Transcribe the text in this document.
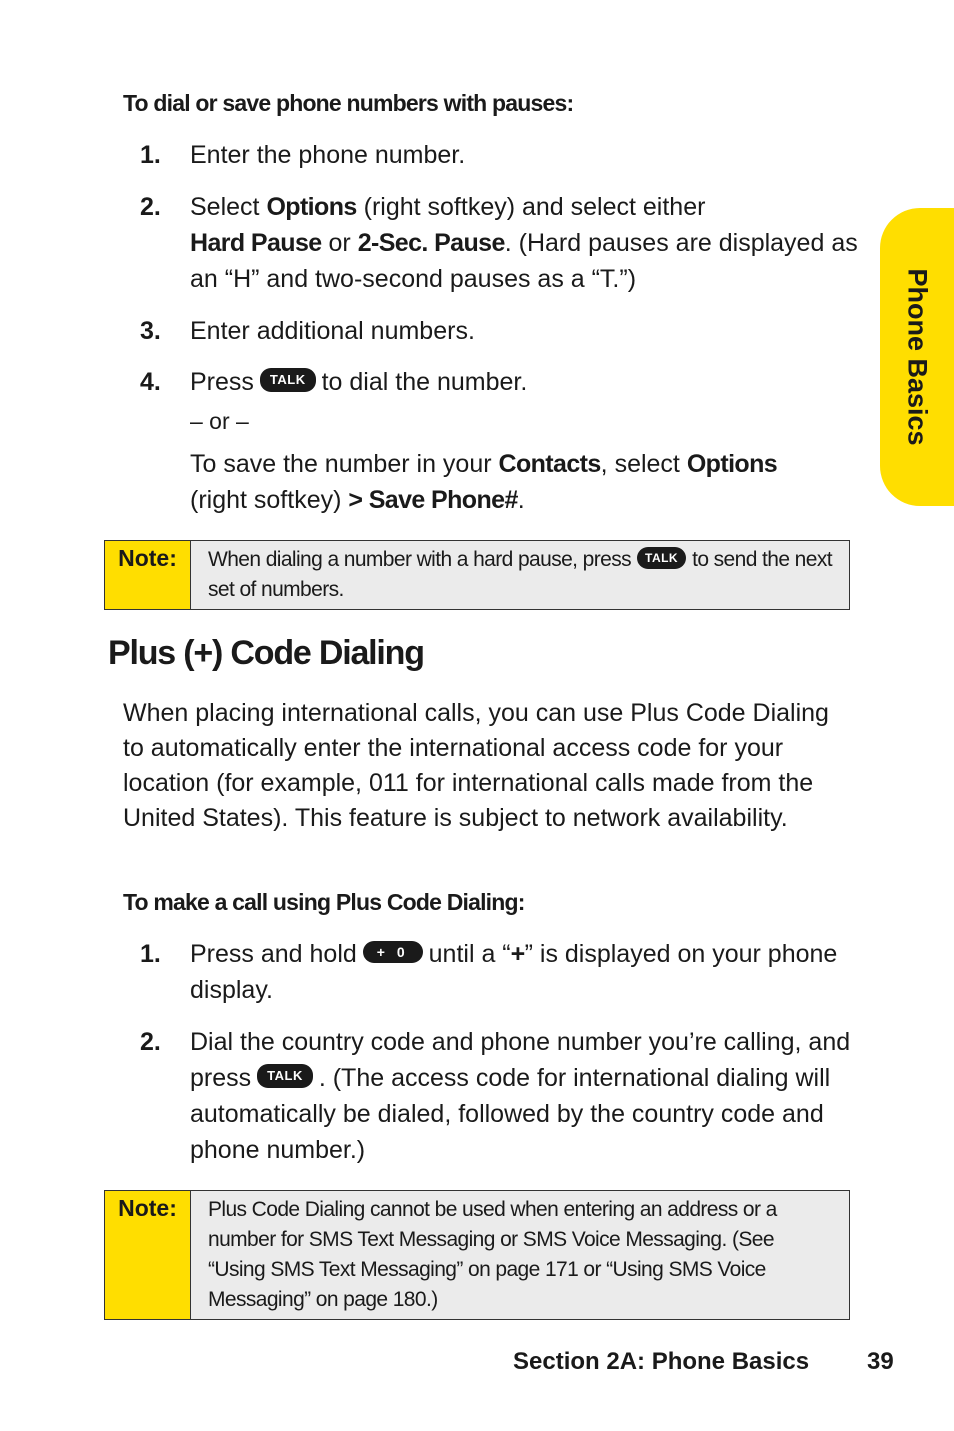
Phone Basics
To dial or save phone numbers with pauses:
1.	Enter the phone number.
2.	Select Options (right softkey) and select either
Hard Pause or 2-Sec. Pause. (Hard pauses are displayed as an “H” and two-second pauses as a “T.”)
3.	Enter additional numbers.
4.	Press TALK to dial the number.
– or –
To save the number in your Contacts, select Options
(right softkey) > Save Phone#.
Note:	When dialing a number with a hard pause, press TALK to send the next set of numbers.
Plus (+) Code Dialing
When placing international calls, you can use Plus Code Dialing to automatically enter the international access code for your location (for example, 011 for international calls made from the United States). This feature is subject to network availability.
To make a call using Plus Code Dialing:
1.	Press and hold + 0 until a “+” is displayed on your phone display.
2.	Dial the country code and phone number you’re calling, and press TALK . (The access code for international dialing will automatically be dialed, followed by the country code and phone number.)
Note:	Plus Code Dialing cannot be used when entering an address or a number for SMS Text Messaging or SMS Voice Messaging. (See “Using SMS Text Messaging” on page 171 or “Using SMS Voice Messaging” on page 180.)
Section 2A: Phone Basics 39
